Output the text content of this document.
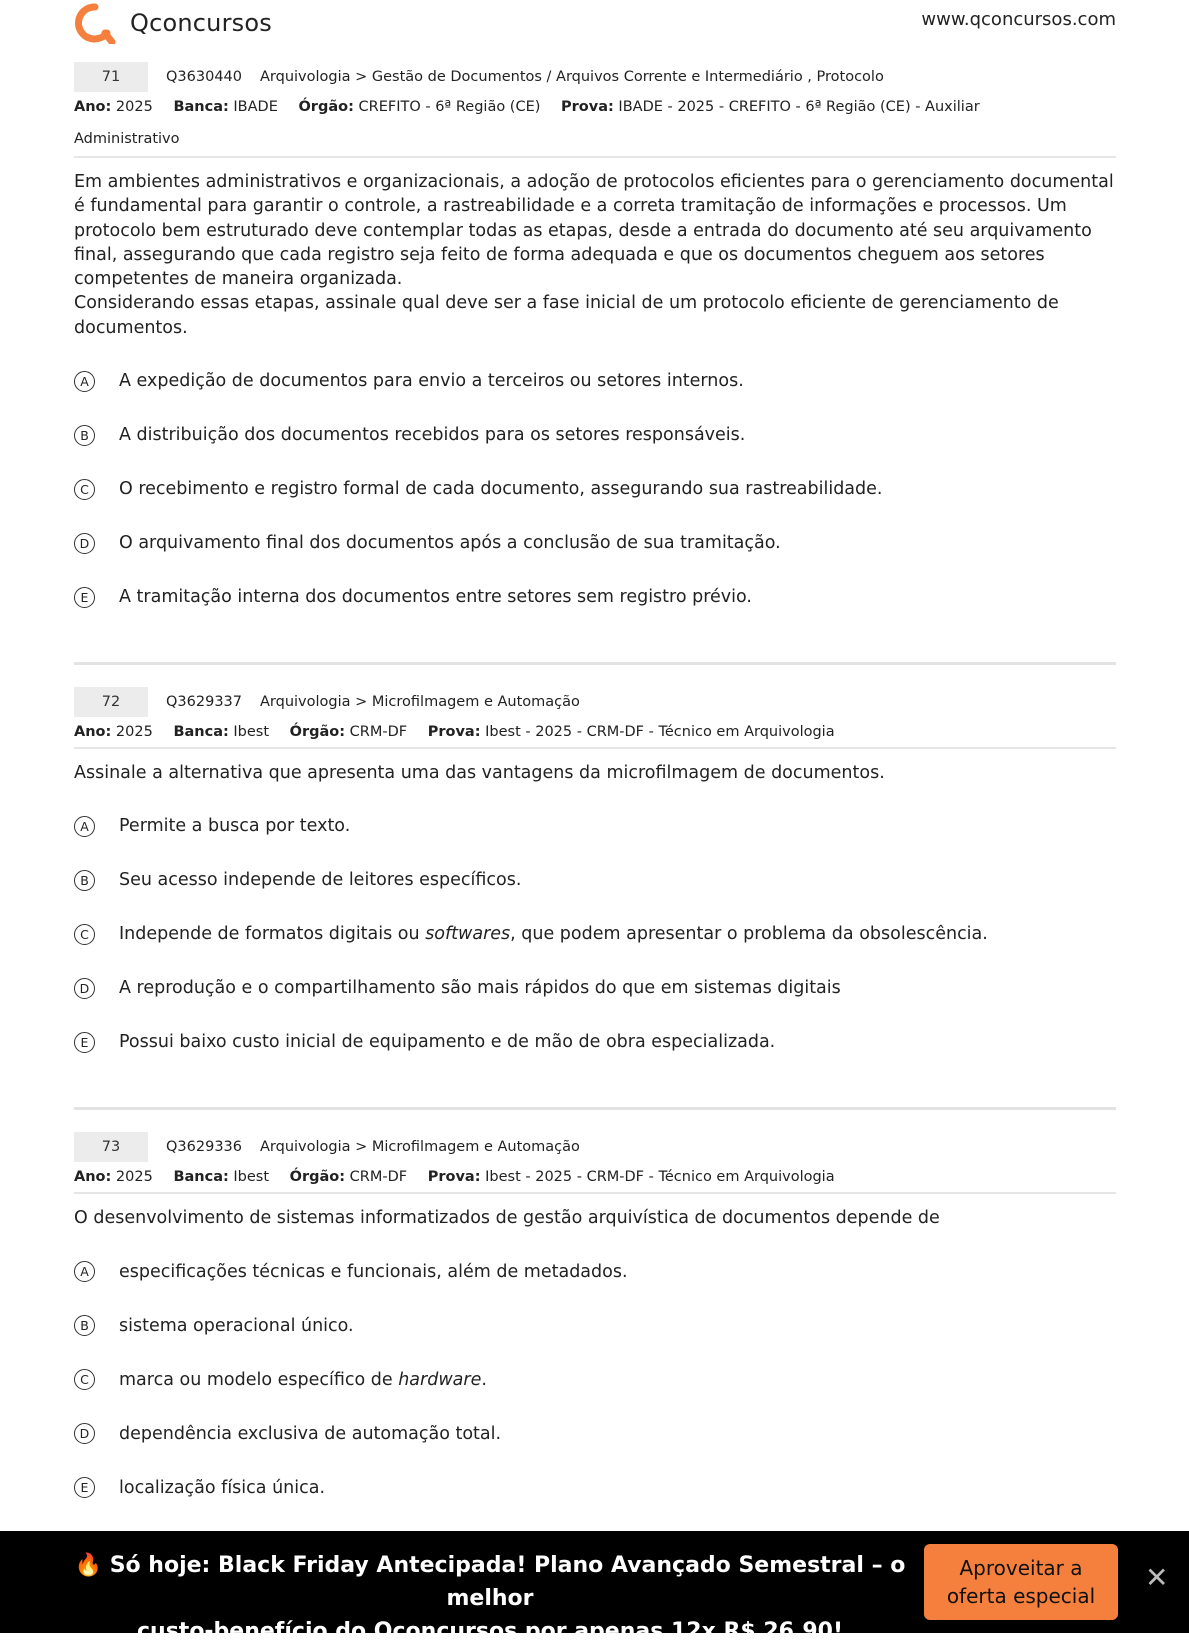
Qconcursos	www.qconcursos.com
71	Q3630440 Arquivologia > Gestão de Documentos / Arquivos Corrente e Intermediário , Protocolo
Ano: 2025 Banca: IBADE Órgão: CREFITO - 6ª Região (CE) Prova: IBADE - 2025 - CREFITO - 6ª Região (CE) - Auxiliar
Administrativo

Em ambientes administrativos e organizacionais, a adoção de protocolos eficientes para o gerenciamento documental é fundamental para garantir o controle, a rastreabilidade e a correta tramitação de informações e processos. Um protocolo bem estruturado deve contemplar todas as etapas, desde a entrada do documento até seu arquivamento final, assegurando que cada registro seja feito de forma adequada e que os documentos cheguem aos setores competentes de maneira organizada.

Considerando essas etapas, assinale qual deve ser a fase inicial de um protocolo eficiente de gerenciamento de documentos.

A	A expedição de documentos para envio a terceiros ou setores internos.
B	A distribuição dos documentos recebidos para os setores responsáveis.
C	O recebimento e registro formal de cada documento, assegurando sua rastreabilidade.
D	O arquivamento final dos documentos após a conclusão de sua tramitação.
E	A tramitação interna dos documentos entre setores sem registro prévio.
72	Q3629337 Arquivologia > Microfilmagem e Automação
Ano: 2025 Banca: Ibest Órgão: CRM-DF Prova: Ibest - 2025 - CRM-DF - Técnico em Arquivologia

Assinale a alternativa que apresenta uma das vantagens da microfilmagem de documentos.

A	Permite a busca por texto.
B	Seu acesso independe de leitores específicos.
C	Independe de formatos digitais ou softwares, que podem apresentar o problema da obsolescência.
D	A reprodução e o compartilhamento são mais rápidos do que em sistemas digitais
E	Possui baixo custo inicial de equipamento e de mão de obra especializada.
73	Q3629336 Arquivologia > Microfilmagem e Automação
Ano: 2025 Banca: Ibest Órgão: CRM-DF Prova: Ibest - 2025 - CRM-DF - Técnico em Arquivologia

O desenvolvimento de sistemas informatizados de gestão arquivística de documentos depende de

A	especificações técnicas e funcionais, além de metadados.
B	sistema operacional único.
C	marca ou modelo específico de hardware.
D	dependência exclusiva de automação total.
E	localização física única.
🔥 Só hoje: Black Friday Antecipada! Plano Avançado Semestral – o melhor
custo-benefício do Qconcursos por apenas 12x R$ 26,90!
Aproveitar a
oferta especial
✕
